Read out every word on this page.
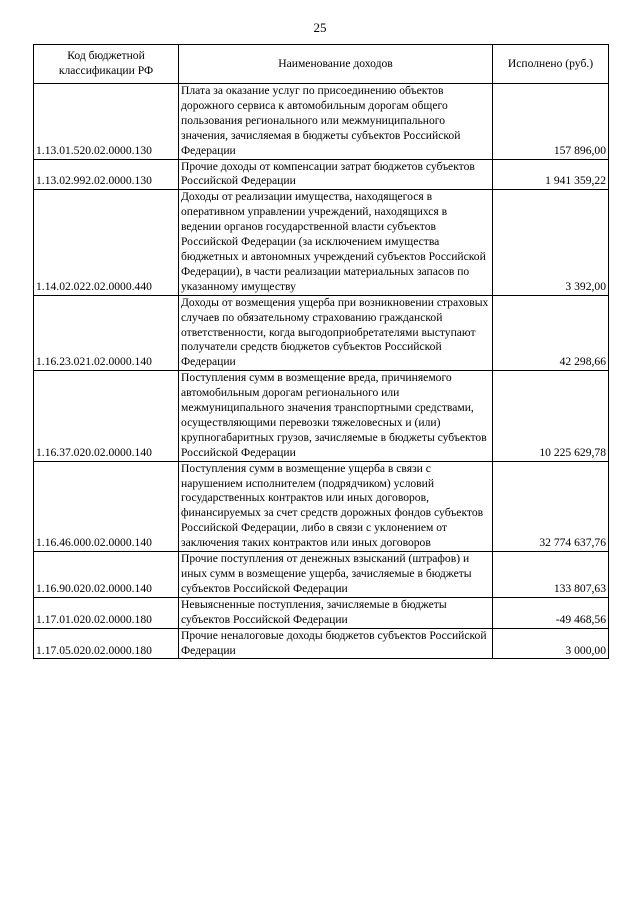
25
Код бюджетной классификации РФ	Наименование доходов	Исполнено (руб.)
1.13.01.520.02.0000.130	Плата за оказание услуг по присоединению объектов дорожного сервиса к автомобильным дорогам общего пользования регионального или межмуниципального значения, зачисляемая в бюджеты субъектов Российской Федерации	157 896,00
1.13.02.992.02.0000.130	Прочие доходы от компенсации затрат бюджетов субъектов Российской Федерации	1 941 359,22
1.14.02.022.02.0000.440	Доходы от реализации имущества, находящегося в оперативном управлении учреждений, находящихся в ведении органов государственной власти субъектов Российской Федерации (за исключением имущества бюджетных и автономных учреждений субъектов Российской Федерации), в части реализации материальных запасов по указанному имуществу	3 392,00
1.16.23.021.02.0000.140	Доходы от возмещения ущерба при возникновении страховых случаев по обязательному страхованию гражданской ответственности, когда выгодоприобретателями выступают получатели средств бюджетов субъектов Российской Федерации	42 298,66
1.16.37.020.02.0000.140	Поступления сумм в возмещение вреда, причиняемого автомобильным дорогам регионального или межмуниципального значения транспортными средствами, осуществляющими перевозки тяжеловесных и (или) крупногабаритных грузов, зачисляемые в бюджеты субъектов Российской Федерации	10 225 629,78
1.16.46.000.02.0000.140	Поступления сумм в возмещение ущерба в связи с нарушением исполнителем (подрядчиком) условий государственных контрактов или иных договоров, финансируемых за счет средств дорожных фондов субъектов Российской Федерации, либо в связи с уклонением от заключения таких контрактов или иных договоров	32 774 637,76
1.16.90.020.02.0000.140	Прочие поступления от денежных взысканий (штрафов) и иных сумм в возмещение ущерба, зачисляемые в бюджеты субъектов Российской Федерации	133 807,63
1.17.01.020.02.0000.180	Невыясненные поступления, зачисляемые в бюджеты субъектов Российской Федерации	-49 468,56
1.17.05.020.02.0000.180	Прочие неналоговые доходы бюджетов субъектов Российской Федерации	3 000,00
